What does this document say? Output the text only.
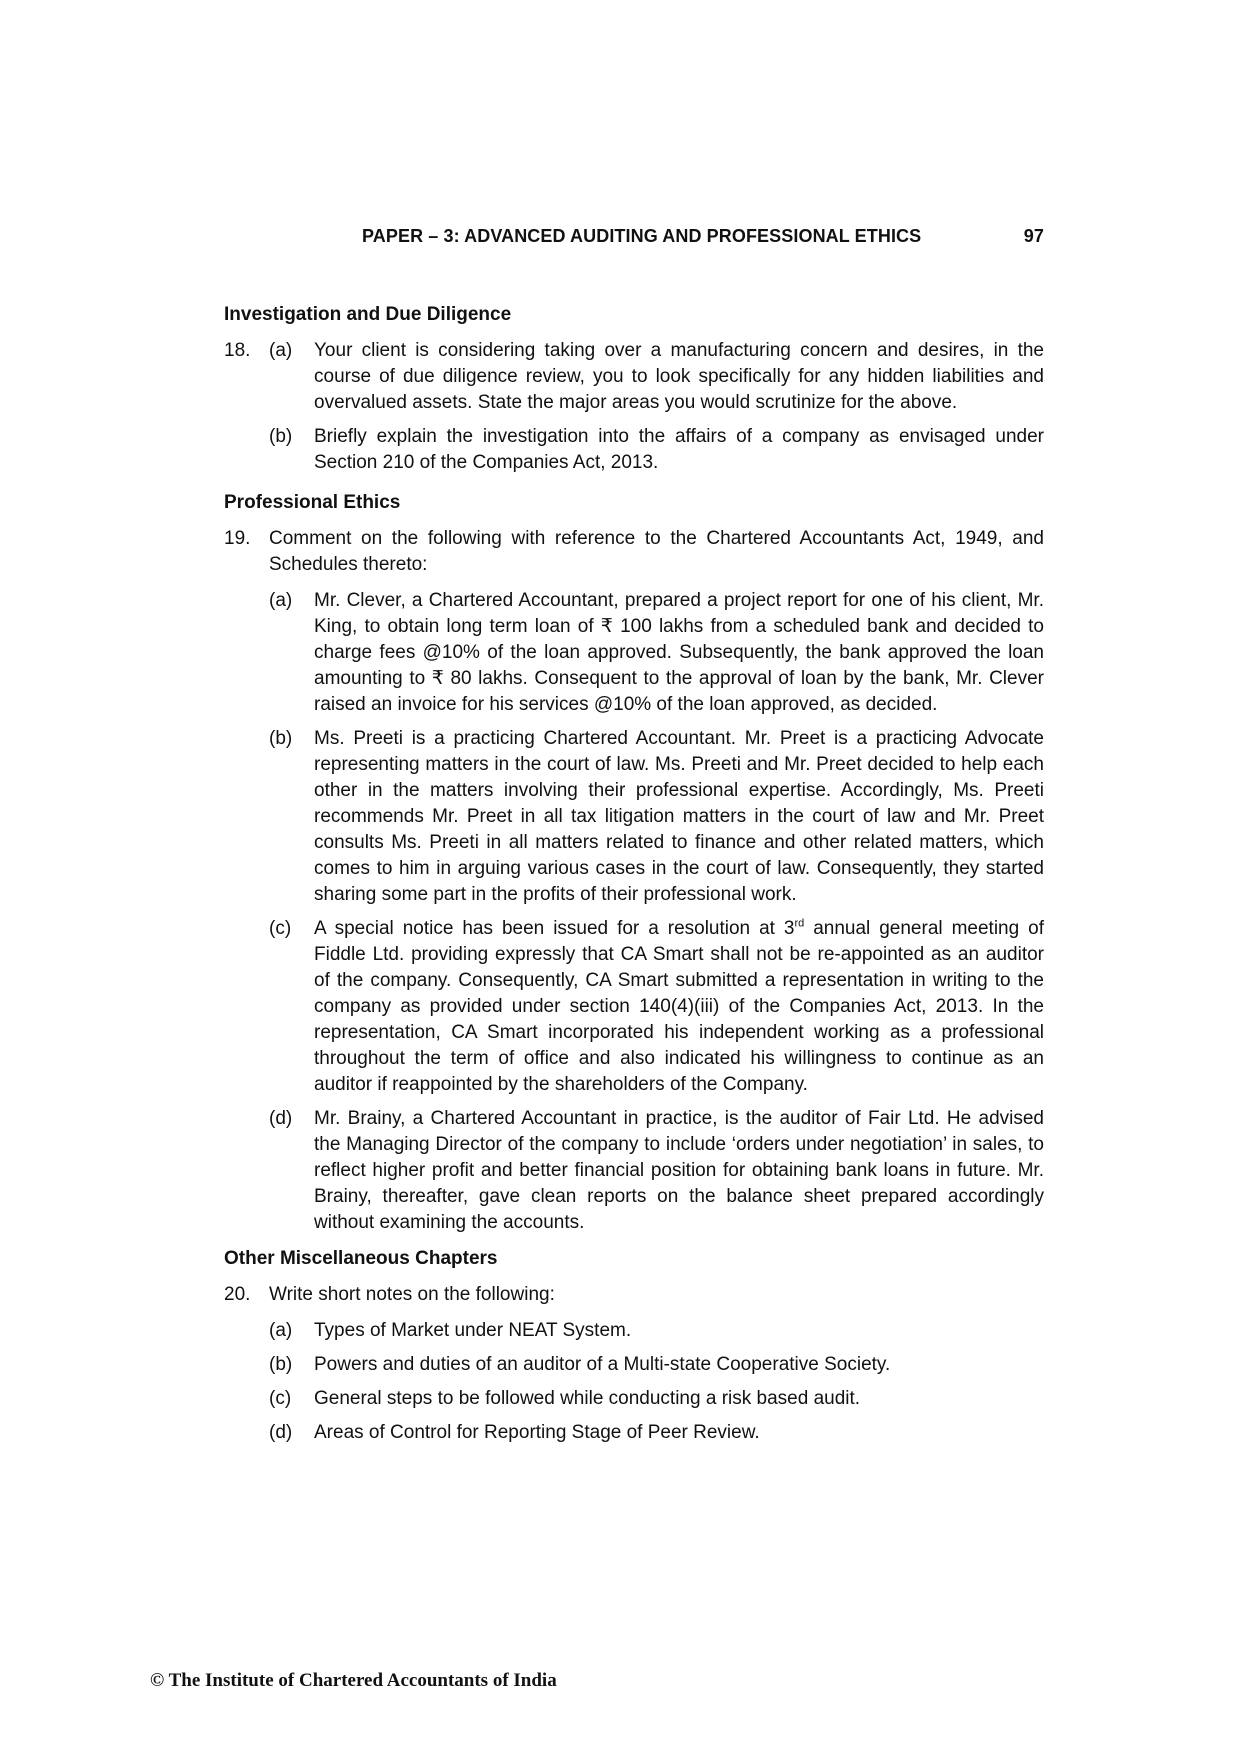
PAPER – 3: ADVANCED AUDITING AND PROFESSIONAL ETHICS	97
Investigation and Due Diligence
18. (a) Your client is considering taking over a manufacturing concern and desires, in the course of due diligence review, you to look specifically for any hidden liabilities and overvalued assets. State the major areas you would scrutinize for the above.
(b) Briefly explain the investigation into the affairs of a company as envisaged under Section 210 of the Companies Act, 2013.
Professional Ethics
19. Comment on the following with reference to the Chartered Accountants Act, 1949, and Schedules thereto:
(a) Mr. Clever, a Chartered Accountant, prepared a project report for one of his client, Mr. King, to obtain long term loan of ₹ 100 lakhs from a scheduled bank and decided to charge fees @10% of the loan approved. Subsequently, the bank approved the loan amounting to ₹ 80 lakhs. Consequent to the approval of loan by the bank, Mr. Clever raised an invoice for his services @10% of the loan approved, as decided.
(b) Ms. Preeti is a practicing Chartered Accountant. Mr. Preet is a practicing Advocate representing matters in the court of law. Ms. Preeti and Mr. Preet decided to help each other in the matters involving their professional expertise. Accordingly, Ms. Preeti recommends Mr. Preet in all tax litigation matters in the court of law and Mr. Preet consults Ms. Preeti in all matters related to finance and other related matters, which comes to him in arguing various cases in the court of law. Consequently, they started sharing some part in the profits of their professional work.
(c) A special notice has been issued for a resolution at 3rd annual general meeting of Fiddle Ltd. providing expressly that CA Smart shall not be re-appointed as an auditor of the company. Consequently, CA Smart submitted a representation in writing to the company as provided under section 140(4)(iii) of the Companies Act, 2013. In the representation, CA Smart incorporated his independent working as a professional throughout the term of office and also indicated his willingness to continue as an auditor if reappointed by the shareholders of the Company.
(d) Mr. Brainy, a Chartered Accountant in practice, is the auditor of Fair Ltd. He advised the Managing Director of the company to include ‘orders under negotiation’ in sales, to reflect higher profit and better financial position for obtaining bank loans in future. Mr. Brainy, thereafter, gave clean reports on the balance sheet prepared accordingly without examining the accounts.
Other Miscellaneous Chapters
20. Write short notes on the following:
(a) Types of Market under NEAT System.
(b) Powers and duties of an auditor of a Multi-state Cooperative Society.
(c) General steps to be followed while conducting a risk based audit.
(d) Areas of Control for Reporting Stage of Peer Review.
© The Institute of Chartered Accountants of India
